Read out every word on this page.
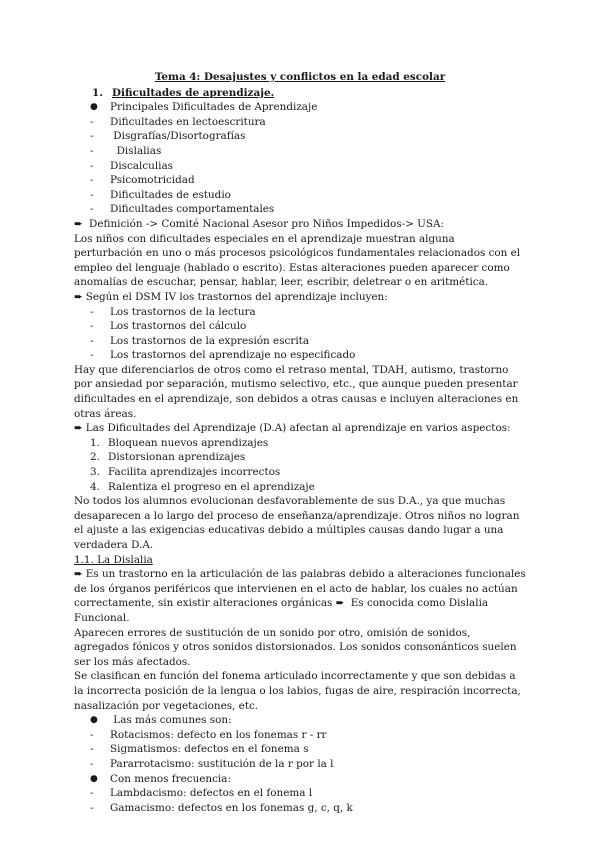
Tema 4: Desajustes y conflictos en la edad escolar
1. Dificultades de aprendizaje.
●	Principales Dificultades de Aprendizaje
-	Dificultades en lectoescritura
-	Disgrafías/Disortografías
-	Dislalias
-	Discalculias
-	Psicomotricidad
-	Dificultades de estudio
-	Dificultades comportamentales

➨ Definición -> Comité Nacional Asesor pro Niños Impedidos-> USA:

Los niños con dificultades especiales en el aprendizaje muestran alguna perturbación en uno o más procesos psicológicos fundamentales relacionados con el empleo del lenguaje (hablado o escrito). Estas alteraciones pueden aparecer como anomalías de escuchar, pensar, hablar, leer, escribir, deletrear o en aritmética.

➨ Según el DSM IV los trastornos del aprendizaje incluyen:

-	Los trastornos de la lectura
-	Los trastornos del cálculo
-	Los trastornos de la expresión escrita
-	Los trastornos del aprendizaje no especificado

Hay que diferenciarlos de otros como el retraso mental, TDAH, autismo, trastorno por ansiedad por separación, mutismo selectivo, etc., que aunque pueden presentar dificultades en el aprendizaje, son debidos a otras causas e incluyen alteraciones en otras áreas.

➨ Las Dificultades del Aprendizaje (D.A) afectan al aprendizaje en varios aspectos:

1. Bloquean nuevos aprendizajes
2. Distorsionan aprendizajes
3. Facilita aprendizajes incorrectos
4. Ralentiza el progreso en el aprendizaje

No todos los alumnos evolucionan desfavorablemente de sus D.A., ya que muchas desaparecen a lo largo del proceso de enseñanza/aprendizaje. Otros niños no logran el ajuste a las exigencias educativas debido a múltiples causas dando lugar a una verdadera D.A.

1.1. La Dislalia

➨ Es un trastorno en la articulación de las palabras debido a alteraciones funcionales de los órganos periféricos que intervienen en el acto de hablar, los cuales no actúan correctamente, sin existir alteraciones orgánicas ➨ Es conocida como Dislalia Funcional.

Aparecen errores de sustitución de un sonido por otro, omisión de sonidos, agregados fónicos y otros sonidos distorsionados. Los sonidos consonánticos suelen ser los más afectados.

Se clasifican en función del fonema articulado incorrectamente y que son debidas a la incorrecta posición de la lengua o los labios, fugas de aire, respiración incorrecta, nasalización por vegetaciones, etc.

●	Las más comunes son:
-	Rotacismos: defecto en los fonemas r - rr
-	Sigmatismos: defectos en el fonema s
-	Pararrotacismo: sustitución de la r por la l
●	Con menos frecuencia:
-	Lambdacismo: defectos en el fonema l
-	Gamacismo: defectos en los fonemas g, c, q, k
